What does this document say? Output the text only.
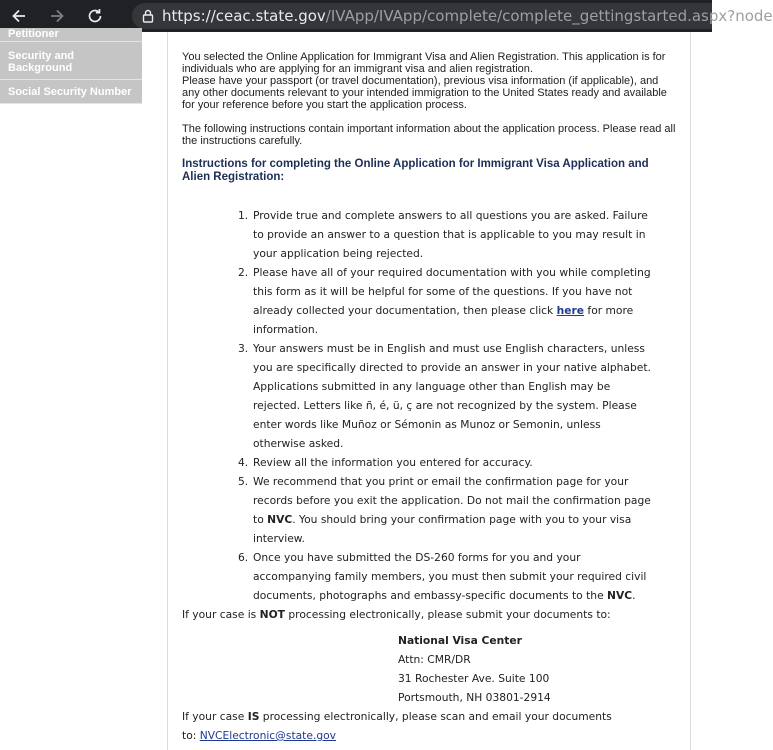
https://ceac.state.gov/IVApp/IVApp/complete/complete_gettingstarted.aspx?node
Petitioner
Security and Background
Social Security Number

You selected the Online Application for Immigrant Visa and Alien Registration. This application is for individuals who are applying for an immigrant visa and alien registration.

Please have your passport (or travel documentation), previous visa information (if applicable), and any other documents relevant to your intended immigration to the United States ready and available for your reference before you start the application process.

The following instructions contain important information about the application process. Please read all the instructions carefully.

Instructions for completing the Online Application for Immigrant Visa Application and Alien Registration:

1. Provide true and complete answers to all questions you are asked. Failure to provide an answer to a question that is applicable to you may result in your application being rejected.
2. Please have all of your required documentation with you while completing this form as it will be helpful for some of the questions. If you have not already collected your documentation, then please click here for more information.
3. Your answers must be in English and must use English characters, unless you are specifically directed to provide an answer in your native alphabet. Applications submitted in any language other than English may be rejected. Letters like ñ, é, ü, ç are not recognized by the system. Please enter words like Muñoz or Sémonin as Munoz or Semonin, unless otherwise asked.
4. Review all the information you entered for accuracy.
5. We recommend that you print or email the confirmation page for your records before you exit the application. Do not mail the confirmation page to NVC. You should bring your confirmation page with you to your visa interview.
6. Once you have submitted the DS-260 forms for you and your accompanying family members, you must then submit your required civil documents, photographs and embassy-specific documents to the NVC.

If your case is NOT processing electronically, please submit your documents to:

National Visa Center
Attn: CMR/DR
31 Rochester Ave. Suite 100
Portsmouth, NH 03801-2914

If your case IS processing electronically, please scan and email your documents to: NVCElectronic@state.gov
